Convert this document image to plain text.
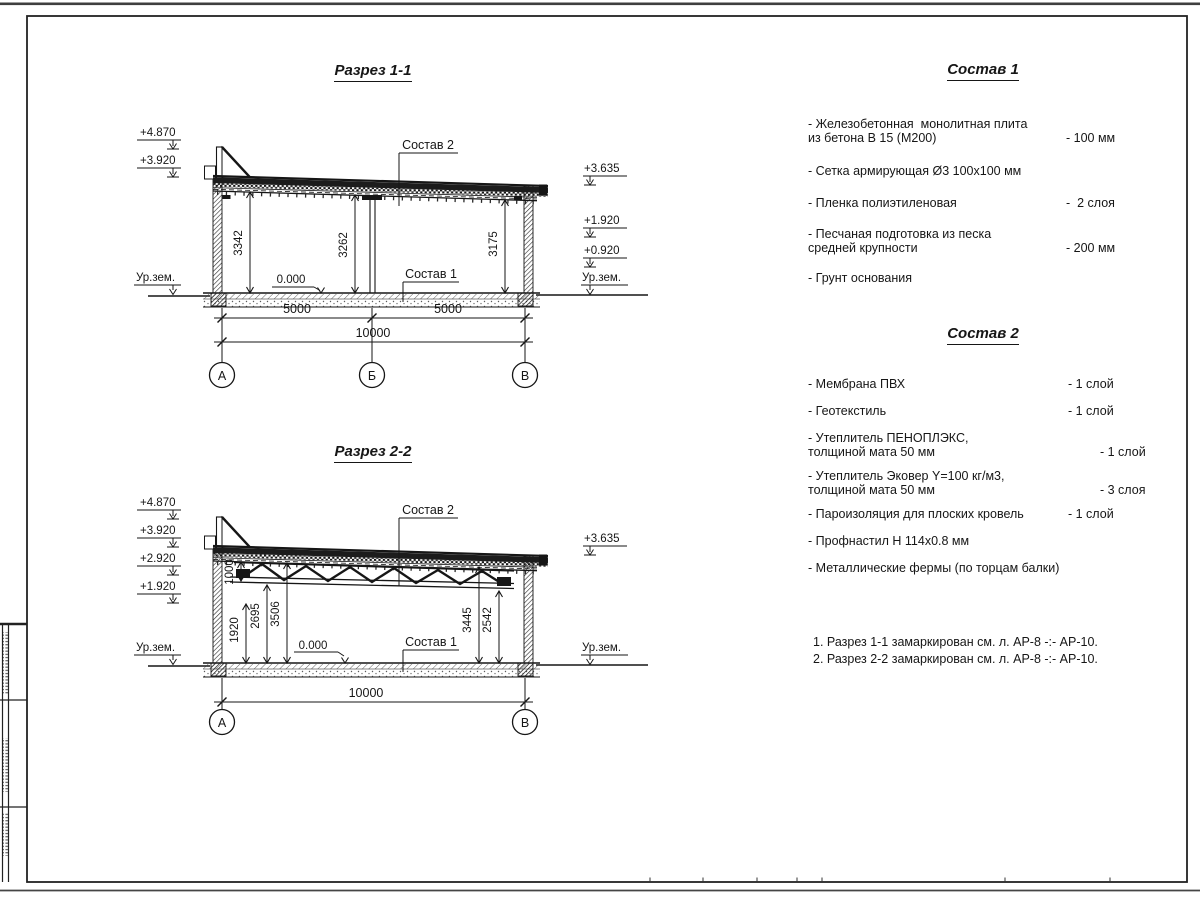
Состав 2
Состав 1
0.000
3342	3262	3175
+4.870
+3.920
Ур.зем.
+3.635
+1.920
+0.920
Ур.зем.
5000	5000
10000
А	Б	В
Состав 2
Состав 1
0.000
1000
1920
2695 3506	3445 2542
+4.870
+3.920
+2.920
+1.920
Ур.зем.
+3.635
Ур.зем.
10000
А	В
Разрез 1-1
Разрез 2-2
Состав 1
- Железобетонная  монолитная плита
из бетона В 15 (М200)	- 100 мм
- Сетка армирующая Ø3 100х100 мм
- Пленка полиэтиленовая	-  2 слоя
- Песчаная подготовка из песка
средней крупности	- 200 мм
- Грунт основания
Состав 2
- Мембрана ПВХ	- 1 слой
- Геотекстиль	- 1 слой
- Утеплитель ПЕНОПЛЭКС,
толщиной мата 50 мм	- 1 слой
- Утеплитель Эковер Y=100 кг/м3,
толщиной мата 50 мм	- 3 слоя
- Пароизоляция для плоских кровель	- 1 слой
- Профнастил Н 114х0.8 мм
- Металлические фермы (по торцам балки)
1. Разрез 1-1 замаркирован см. л. АР-8 -:- АР-10.
2. Разрез 2-2 замаркирован см. л. АР-8 -:- АР-10.
